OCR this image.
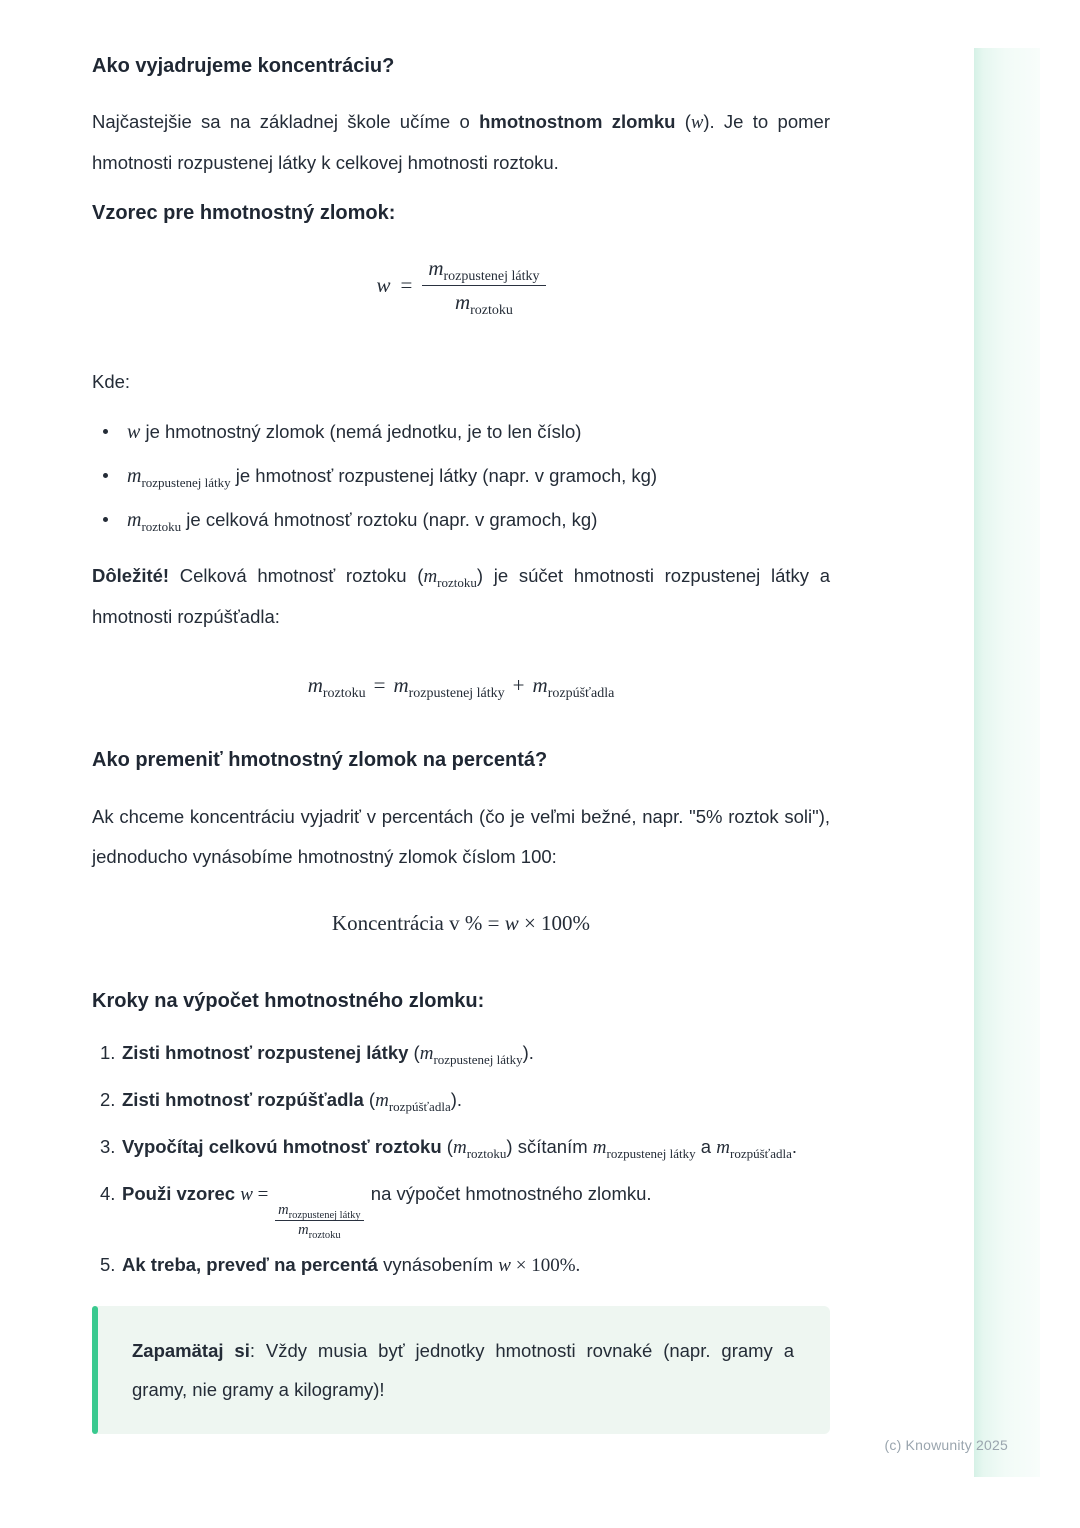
Ako vyjadrujeme koncentráciu?

Najčastejšie sa na základnej škole učíme o hmotnostnom zlomku (w). Je to pomer hmotnosti rozpustenej látky k celkovej hmotnosti roztoku.

Vzorec pre hmotnostný zlomok:
$w = \frac{m_{rozpustenej látky}}{m_{roztoku}}$
Kde:
w je hmotnostný zlomok (nemá jednotku, je to len číslo)
$m_{rozpustenej látky}$ je hmotnosť rozpustenej látky (napr. v gramoch, kg)
$m_{roztoku}$ je celková hmotnosť roztoku (napr. v gramoch, kg)

Dôležité! Celková hmotnosť roztoku $(m_{roztoku})$ je súčet hmotnosti rozpustenej látky a hmotnosti rozpúšťadla:

$m_{roztoku} = m_{rozpustenej látky} + m_{rozpúšťadla}$
Ako premeniť hmotnostný zlomok na percentá?

Ak chceme koncentráciu vyjadriť v percentách (čo je veľmi bežné, napr. "5% roztok soli"), jednoducho vynásobíme hmotnostný zlomok číslom 100:

Koncentrácia v % = w × 100%
Kroky na výpočet hmotnostného zlomku:
1. Zisti hmotnosť rozpustenej látky $(m_{rozpustenej látky})$.
2. Zisti hmotnosť rozpúšťadla $(m_{rozpúšťadla})$.
3. Vypočítaj celkovú hmotnosť roztoku $(m_{roztoku})$ sčítaním $m_{rozpustenej látky}$ a $m_{rozpúšťadla}$.
4. Použi vzorec w =
$m_{rozpustenej látky}$
$m_{roztoku}$
na výpočet hmotnostného zlomku.
5. Ak treba, preveď na percentá vynásobením w × 100%.

Zapamätaj si: Vždy musia byť jednotky hmotnosti rovnaké (napr. gramy a gramy, nie gramy a kilogramy)!

(c) Knowunity 2025
